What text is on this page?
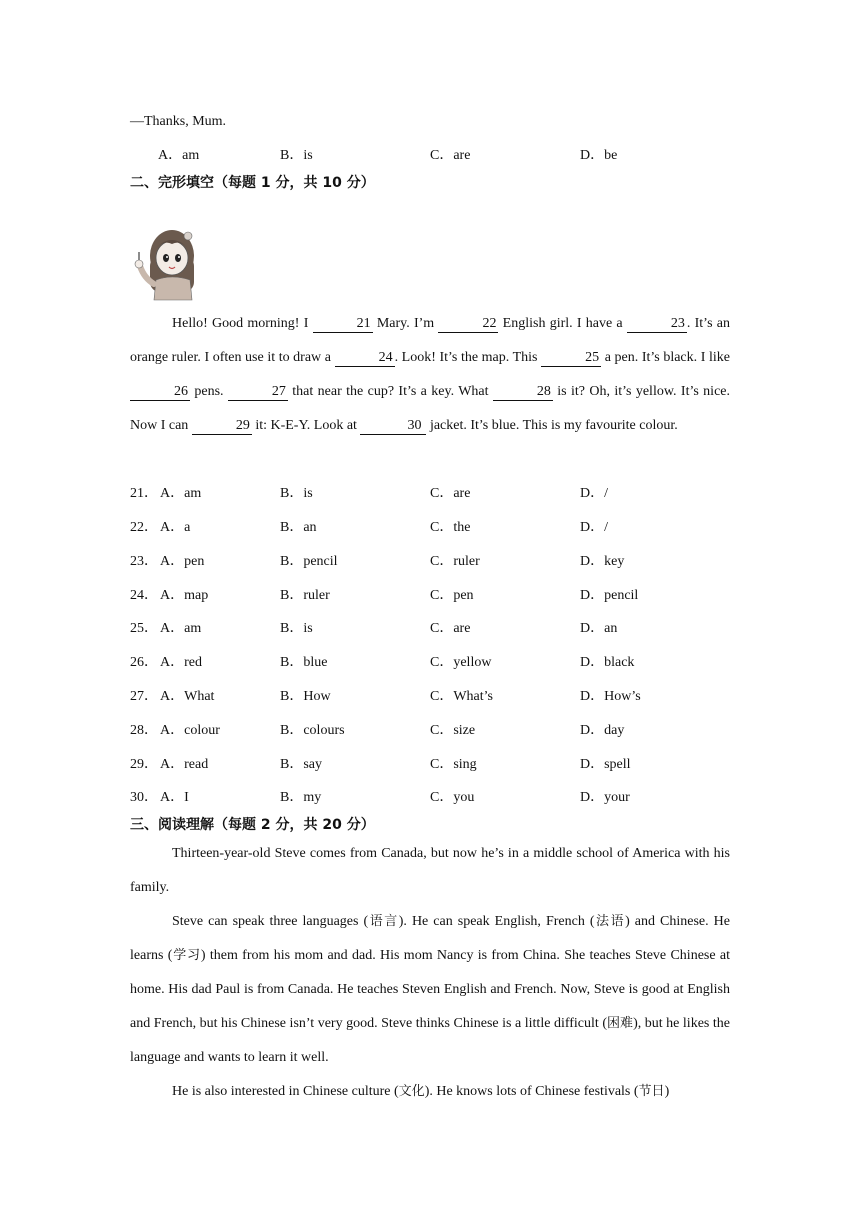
—Thanks, Mum.
A．am	B．is	C．are	D．be
二、完形填空（每题 1 分，共 10 分）

Hello! Good morning! I	21 Mary. I’m	22 English girl. I have a	23 . It’s an orange ruler. I often use it to draw a	24 . Look! It’s the map. This	25 a pen. It’s black. I like 26 pens.	27 that near the cup? It’s a key. What	28 is it? Oh, it’s yellow. It’s nice. Now I can	29 it: K-E-Y. Look at	30 jacket. It’s blue. This is my favourite colour.

21． A．am	B．is	C．are	D．/
22． A．a	B．an	C．the	D．/
23． A．pen	B．pencil	C．ruler	D．key
24． A．map	B．ruler	C．pen	D．pencil
25． A．am	B．is	C．are	D．an
26． A．red	B．blue	C．yellow	D．black
27． A．What	B．How	C．What’s	D．How’s
28． A．colour	B．colours	C．size	D．day
29． A．read	B．say	C．sing	D．spell
30． A．I	B．my	C．you	D．your
三、阅读理解（每题 2 分，共 20 分）

Thirteen-year-old Steve comes from Canada, but now he’s in a middle school of America with his family.

Steve can speak three languages (语言). He can speak English, French (法语) and Chinese. He learns (学习) them from his mom and dad. His mom Nancy is from China. She teaches Steve Chinese at home. His dad Paul is from Canada. He teaches Steven English and French. Now, Steve is good at English and French, but his Chinese isn’t very good. Steve thinks Chinese is a little difficult (困难), but he likes the language and wants to learn it well.

He is also interested in Chinese culture (文化). He knows lots of Chinese festivals (节日)
